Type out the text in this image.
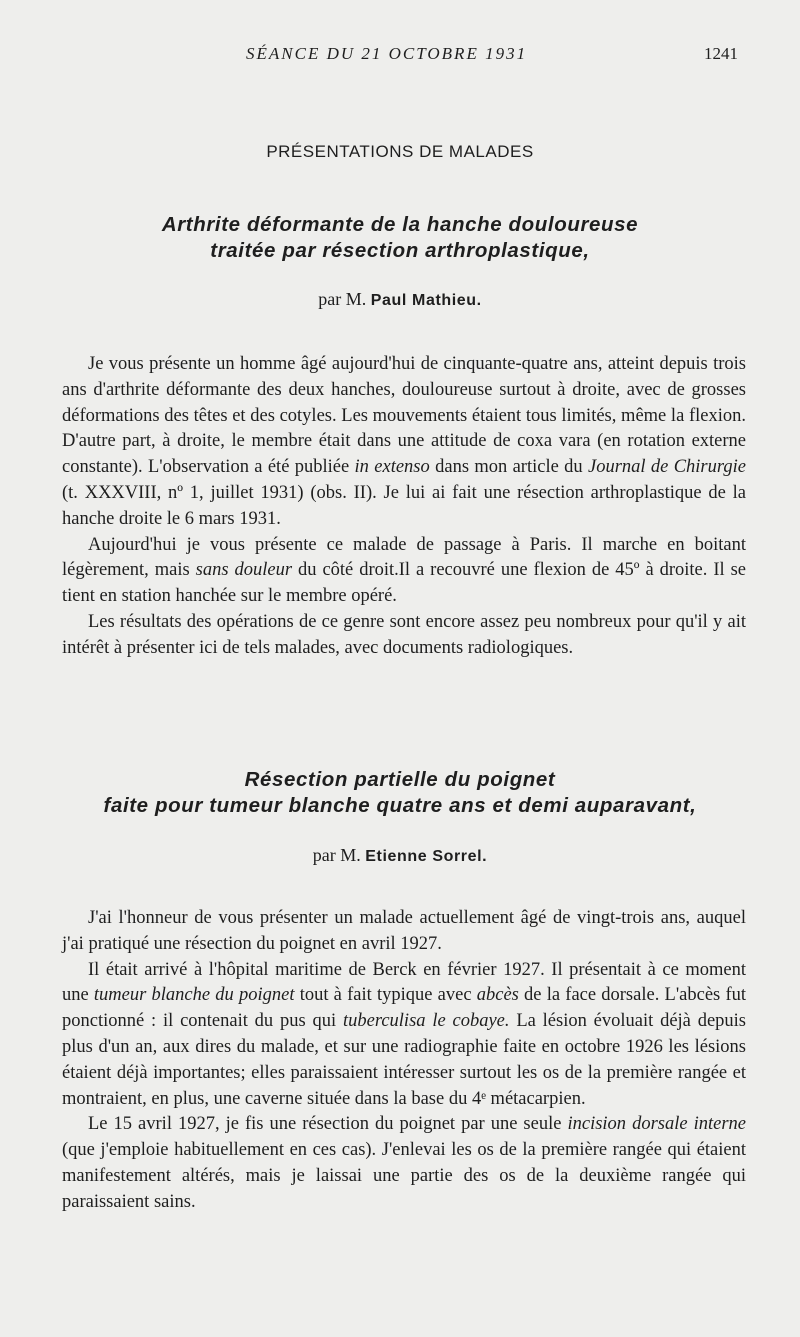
SÉANCE DU 21 OCTOBRE 1931	1241
PRÉSENTATIONS DE MALADES
Arthrite déformante de la hanche douloureuse
traitée par résection arthroplastique,
par M. Paul Mathieu.

Je vous présente un homme âgé aujourd'hui de cinquante-quatre ans, atteint depuis trois ans d'arthrite déformante des deux hanches, douloureuse surtout à droite, avec de grosses déformations des têtes et des cotyles. Les mouvements étaient tous limités, même la flexion. D'autre part, à droite, le membre était dans une attitude de coxa vara (en rotation externe constante). L'observation a été publiée in extenso dans mon article du Journal de Chirurgie (t. XXXVIII, nº 1, juillet 1931) (obs. II). Je lui ai fait une résection arthroplastique de la hanche droite le 6 mars 1931.

Aujourd'hui je vous présente ce malade de passage à Paris. Il marche en boitant légèrement, mais sans douleur du côté droit.Il a recouvré une flexion de 45º à droite. Il se tient en station hanchée sur le membre opéré.

Les résultats des opérations de ce genre sont encore assez peu nombreux pour qu'il y ait intérêt à présenter ici de tels malades, avec documents radiologiques.

Résection partielle du poignet
faite pour tumeur blanche quatre ans et demi auparavant,
par M. Etienne Sorrel.

J'ai l'honneur de vous présenter un malade actuellement âgé de vingt-trois ans, auquel j'ai pratiqué une résection du poignet en avril 1927.

Il était arrivé à l'hôpital maritime de Berck en février 1927. Il présentait à ce moment une tumeur blanche du poignet tout à fait typique avec abcès de la face dorsale. L'abcès fut ponctionné : il contenait du pus qui tuberculisa le cobaye. La lésion évoluait déjà depuis plus d'un an, aux dires du malade, et sur une radiographie faite en octobre 1926 les lésions étaient déjà importantes; elles paraissaient intéresser surtout les os de la première rangée et montraient, en plus, une caverne située dans la base du 4ᵉ métacarpien.

Le 15 avril 1927, je fis une résection du poignet par une seule incision dorsale interne (que j'emploie habituellement en ces cas). J'enlevai les os de la première rangée qui étaient manifestement altérés, mais je laissai une partie des os de la deuxième rangée qui paraissaient sains.
